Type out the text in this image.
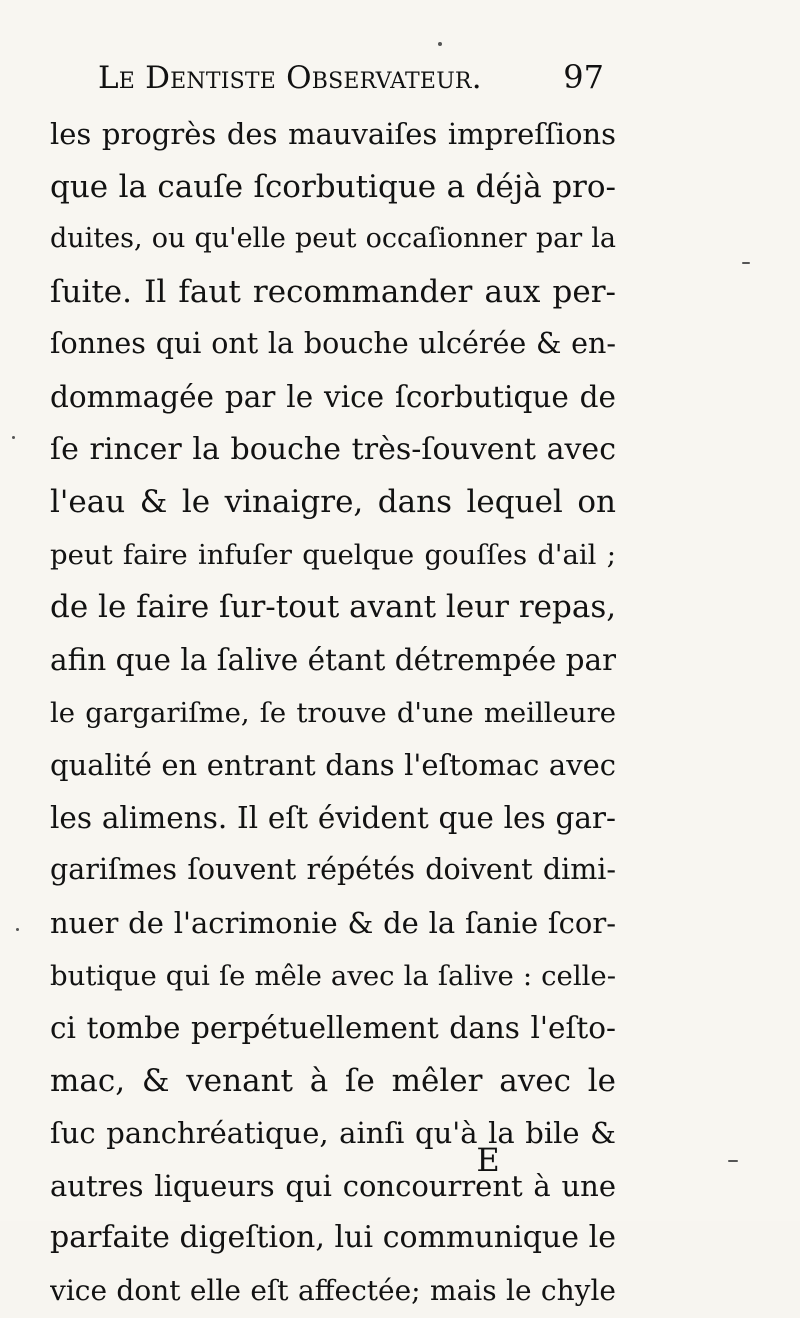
Le Dentiste Observateur.	97
les progrès des mauvaiſes impreſſions
que la cauſe ſcorbutique a déjà pro-
duites, ou qu'elle peut occaſionner par la
ſuite. Il faut recommander aux per-
ſonnes qui ont la bouche ulcérée & en-
dommagée par le vice ſcorbutique de
ſe rincer la bouche très-ſouvent avec
l'eau & le vinaigre, dans lequel on
peut faire infuſer quelque gouſſes d'ail ;
de le faire ſur-tout avant leur repas,
afin que la ſalive étant détrempée par
le gargariſme, ſe trouve d'une meilleure
qualité en entrant dans l'eſtomac avec
les alimens. Il eſt évident que les gar-
gariſmes ſouvent répétés doivent dimi-
nuer de l'acrimonie & de la ſanie ſcor-
butique qui ſe mêle avec la ſalive : celle-
ci tombe perpétuellement dans l'eſto-
mac, & venant à ſe mêler avec le
ſuc panchréatique, ainſi qu'à la bile &
autres liqueurs qui concourrent à une
parfaite digeſtion, lui communique le
vice dont elle eſt affectée; mais le chyle
E
